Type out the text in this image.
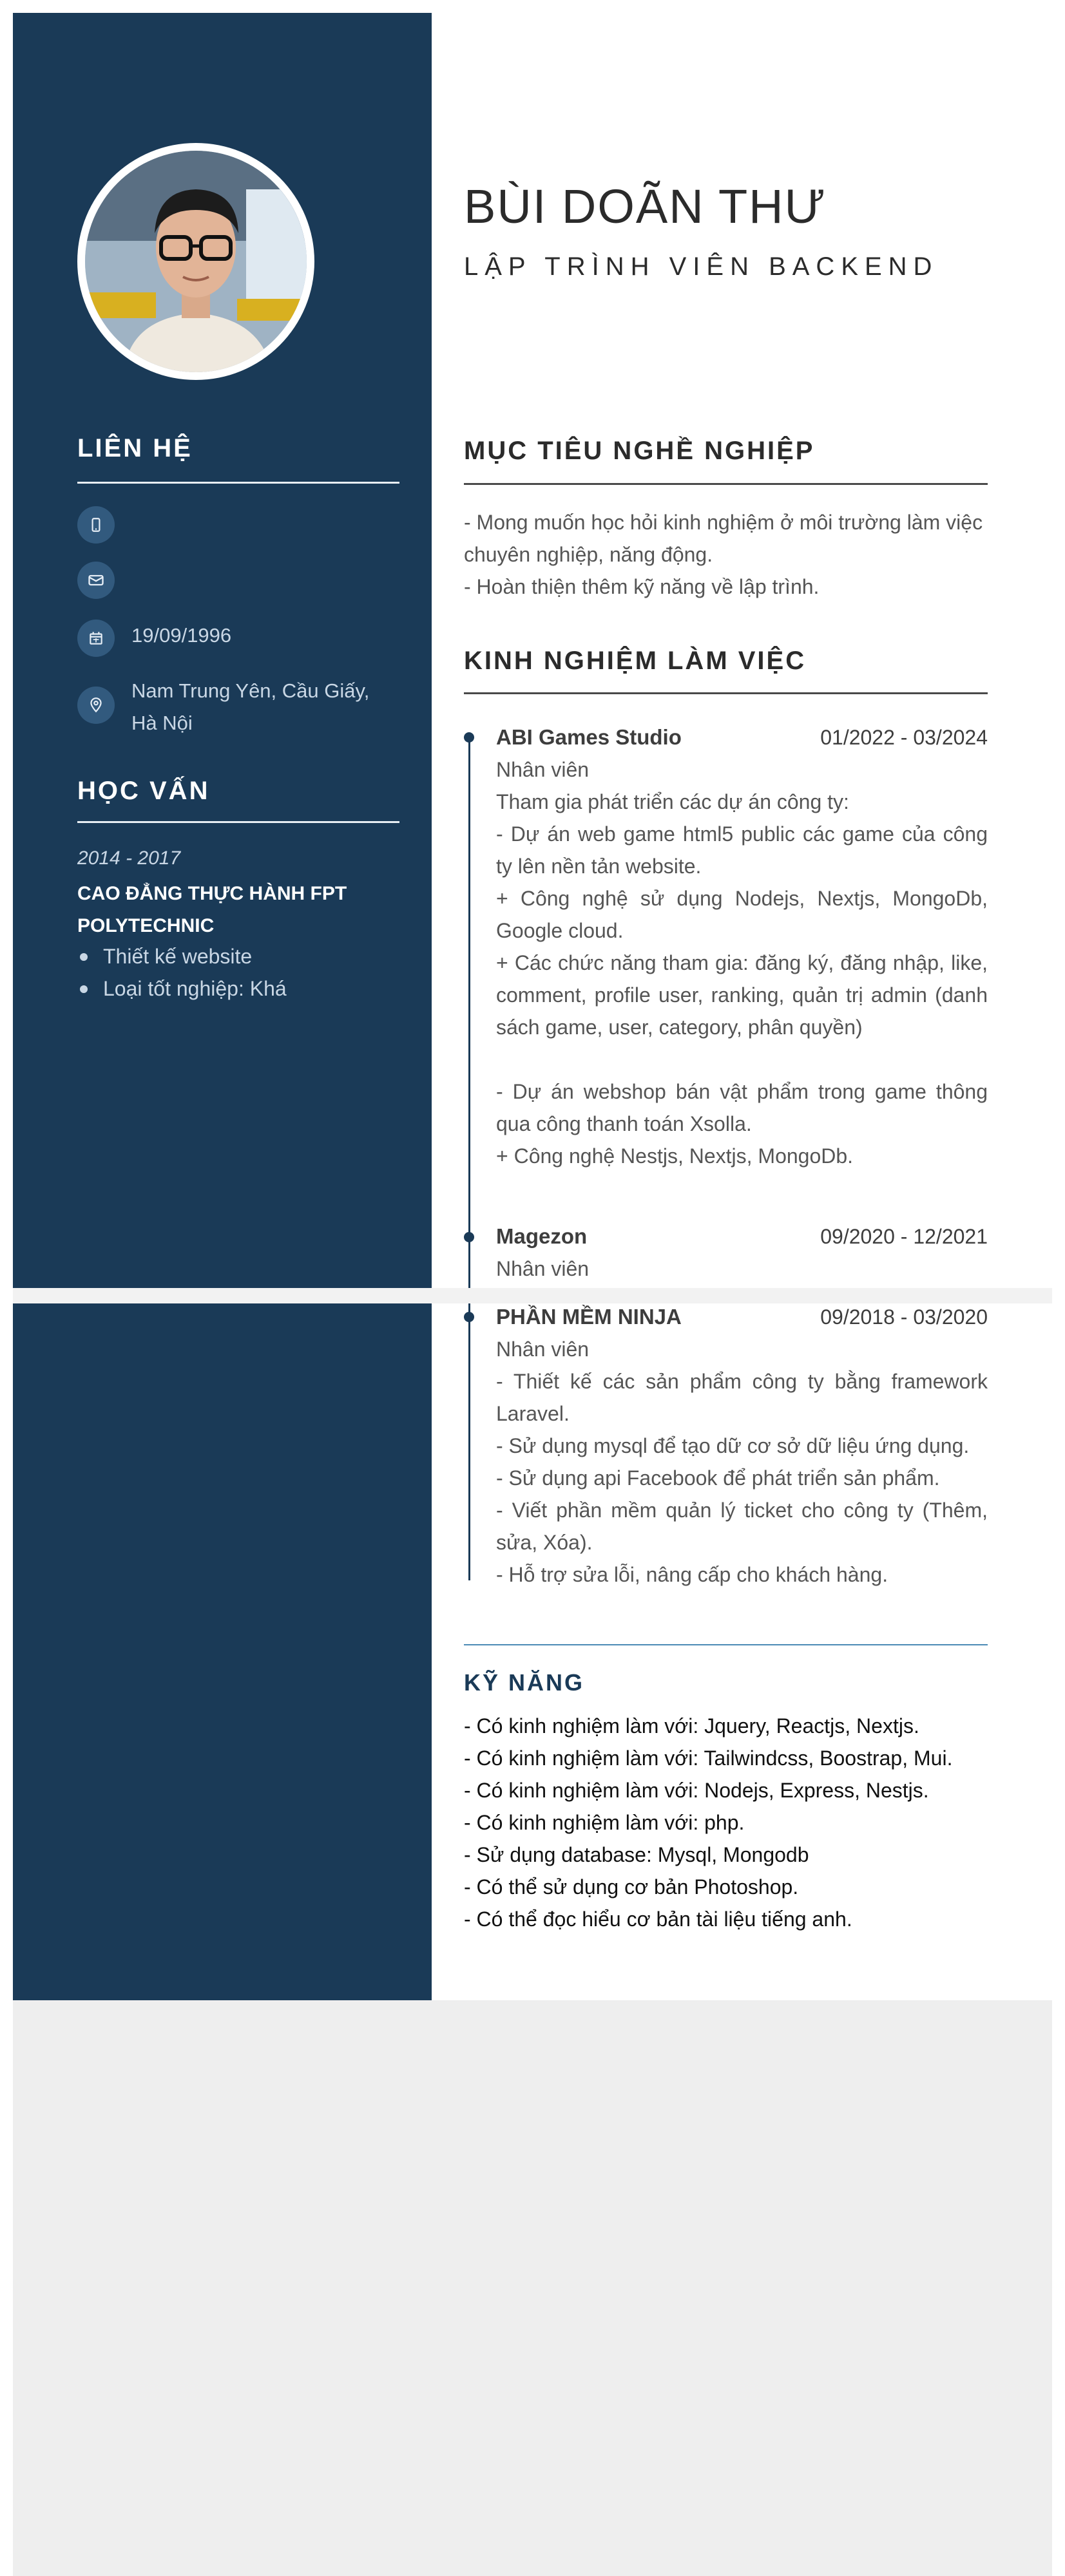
LIÊN HỆ
19/09/1996
Nam Trung Yên, Cầu Giấy, Hà Nội
HỌC VẤN
2014 - 2017
CAO ĐẲNG THỰC HÀNH FPT POLYTECHNIC
Thiết kế website
Loại tốt nghiệp: Khá
BÙI DOÃN THƯ
LẬP TRÌNH VIÊN BACKEND
MỤC TIÊU NGHỀ NGHIỆP
- Mong muốn học hỏi kinh nghiệm ở môi trường làm việc chuyên nghiệp, năng động.
- Hoàn thiện thêm kỹ năng về lập trình.
KINH NGHIỆM LÀM VIỆC
ABI Games Studio	01/2022 - 03/2024
Nhân viên
Tham gia phát triển các dự án công ty:
- Dự án web game html5 public các game của công ty lên nền tản website.
+ Công nghệ sử dụng Nodejs, Nextjs, MongoDb, Google cloud.
+ Các chức năng tham gia: đăng ký, đăng nhập, like, comment, profile user, ranking, quản trị admin (danh sách game, user, category, phân quyền)
- Dự án webshop bán vật phẩm trong game thông qua công thanh toán Xsolla.
+ Công nghệ Nestjs, Nextjs, MongoDb.
Magezon	09/2020 - 12/2021
Nhân viên
PHẦN MỀM NINJA	09/2018 - 03/2020
Nhân viên
- Thiết kế các sản phẩm công ty bằng framework Laravel.
- Sử dụng mysql để tạo dữ cơ sở dữ liệu ứng dụng.
- Sử dụng api Facebook để phát triển sản phẩm.
- Viết phần mềm quản lý ticket cho công ty (Thêm, sửa, Xóa).
- Hỗ trợ sửa lỗi, nâng cấp cho khách hàng.
KỸ NĂNG
- Có kinh nghiệm làm với: Jquery, Reactjs, Nextjs.
- Có kinh nghiệm làm với: Tailwindcss, Boostrap, Mui.
- Có kinh nghiệm làm với: Nodejs, Express, Nestjs.
- Có kinh nghiệm làm với: php.
- Sử dụng database: Mysql, Mongodb
- Có thể sử dụng cơ bản Photoshop.
- Có thể đọc hiểu cơ bản tài liệu tiếng anh.
